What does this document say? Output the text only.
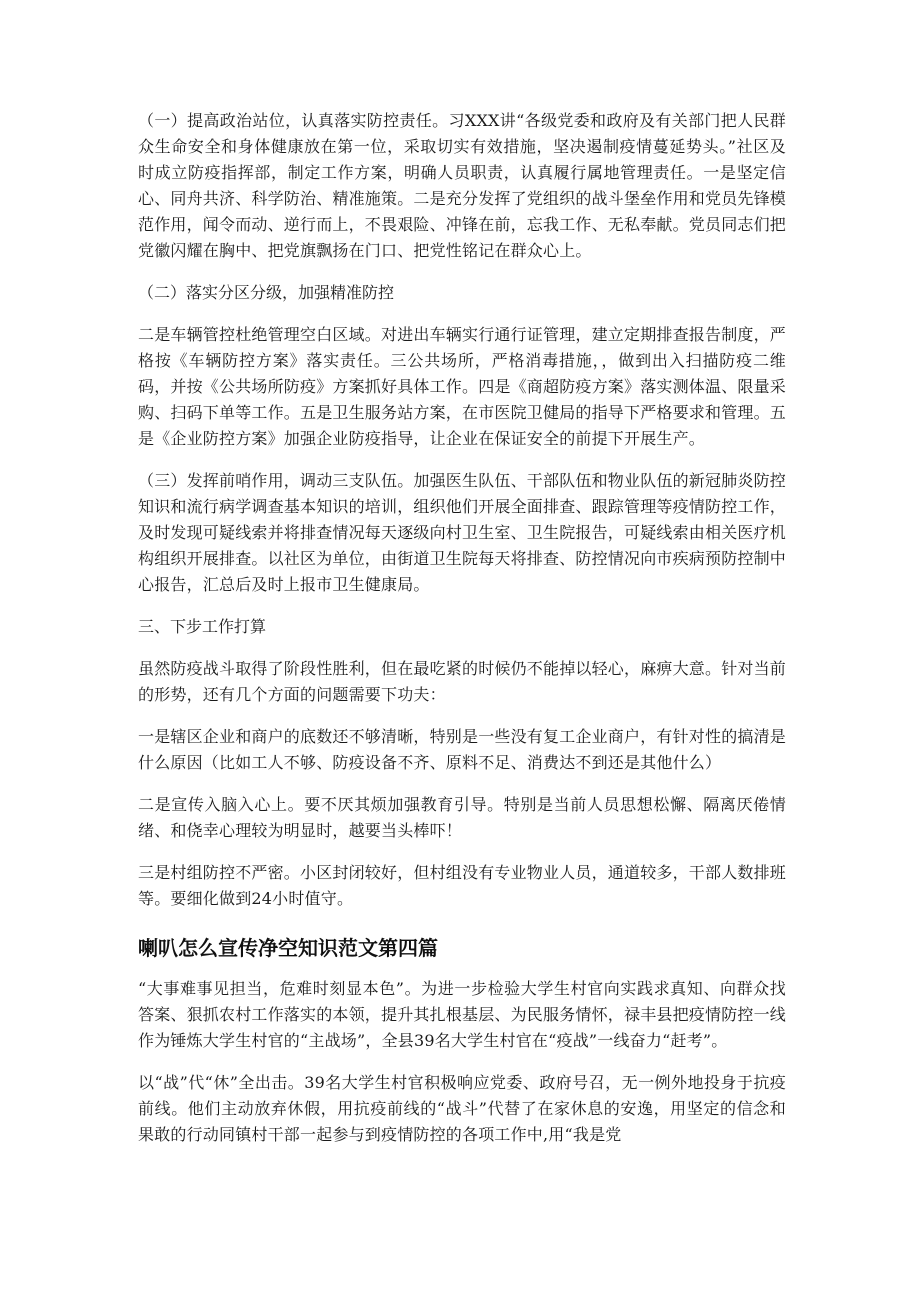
（一）提高政治站位，认真落实防控责任。习XXX讲“各级党委和政府及有关部门把人民群众生命安全和身体健康放在第一位，采取切实有效措施，坚决遏制疫情蔓延势头。”社区及时成立防疫指挥部，制定工作方案，明确人员职责，认真履行属地管理责任。一是坚定信心、同舟共济、科学防治、精准施策。二是充分发挥了党组织的战斗堡垒作用和党员先锋模范作用，闻令而动、逆行而上，不畏艰险、冲锋在前，忘我工作、无私奉献。党员同志们把党徽闪耀在胸中、把党旗飘扬在门口、把党性铭记在群众心上。

（二）落实分区分级，加强精准防控

二是车辆管控杜绝管理空白区域。对进出车辆实行通行证管理，建立定期排查报告制度，严格按《车辆防控方案》落实责任。三公共场所，严格消毒措施，，做到出入扫描防疫二维码，并按《公共场所防疫》方案抓好具体工作。四是《商超防疫方案》落实测体温、限量采购、扫码下单等工作。五是卫生服务站方案，在市医院卫健局的指导下严格要求和管理。五是《企业防控方案》加强企业防疫指导，让企业在保证安全的前提下开展生产。

（三）发挥前哨作用，调动三支队伍。加强医生队伍、干部队伍和物业队伍的新冠肺炎防控知识和流行病学调查基本知识的培训，组织他们开展全面排查、跟踪管理等疫情防控工作，及时发现可疑线索并将排查情况每天逐级向村卫生室、卫生院报告，可疑线索由相关医疗机构组织开展排查。以社区为单位，由街道卫生院每天将排查、防控情况向市疾病预防控制中心报告，汇总后及时上报市卫生健康局。

三、下步工作打算

虽然防疫战斗取得了阶段性胜利，但在最吃紧的时候仍不能掉以轻心，麻痹大意。针对当前的形势，还有几个方面的问题需要下功夫：

一是辖区企业和商户的底数还不够清晰，特别是一些没有复工企业商户，有针对性的搞清是什么原因（比如工人不够、防疫设备不齐、原料不足、消费达不到还是其他什么）

二是宣传入脑入心上。要不厌其烦加强教育引导。特别是当前人员思想松懈、隔离厌倦情绪、和侥幸心理较为明显时，越要当头棒吓！

三是村组防控不严密。小区封闭较好，但村组没有专业物业人员，通道较多，干部人数排班等。要细化做到24小时值守。

喇叭怎么宣传净空知识范文第四篇

“大事难事见担当，危难时刻显本色”。为进一步检验大学生村官向实践求真知、向群众找答案、狠抓农村工作落实的本领，提升其扎根基层、为民服务情怀，禄丰县把疫情防控一线作为锤炼大学生村官的“主战场”，全县39名大学生村官在“疫战”一线奋力“赶考”。

以“战”代“休”全出击。39名大学生村官积极响应党委、政府号召，无一例外地投身于抗疫前线。他们主动放弃休假，用抗疫前线的“战斗”代替了在家休息的安逸，用坚定的信念和果敢的行动同镇村干部一起参与到疫情防控的各项工作中,用“我是党
